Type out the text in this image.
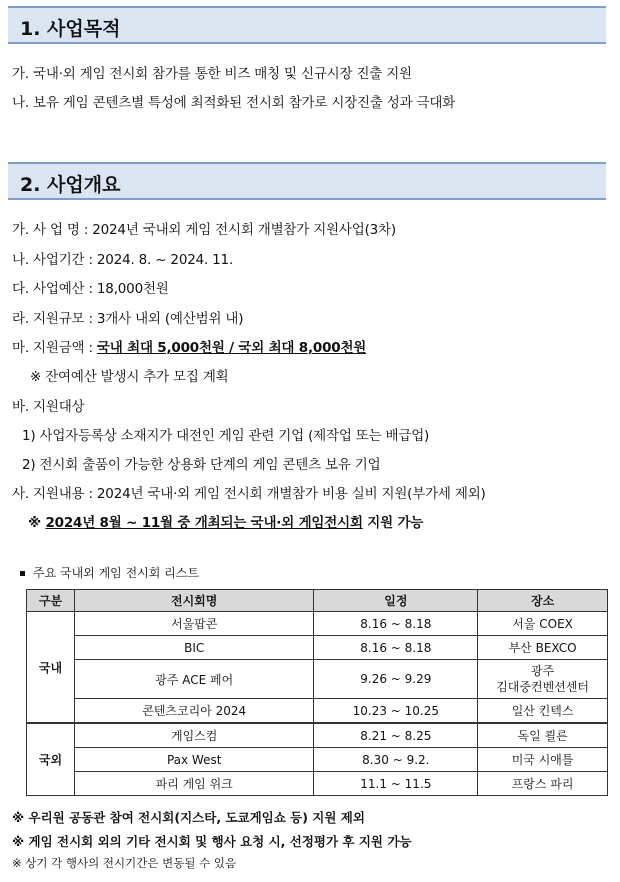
1. 사업목적
가. 국내·외 게임 전시회 참가를 통한 비즈 매칭 및 신규시장 진출 지원
나. 보유 게임 콘텐츠별 특성에 최적화된 전시회 참가로 시장진출 성과 극대화
2. 사업개요
가. 사 업 명 : 2024년 국내외 게임 전시회 개별참가 지원사업(3차)
나. 사업기간 : 2024. 8. ~ 2024. 11.
다. 사업예산 : 18,000천원
라. 지원규모 : 3개사 내외 (예산범위 내)
마. 지원금액 : 국내 최대 5,000천원 / 국외 최대 8,000천원
※ 잔여예산 발생시 추가 모집 계획
바. 지원대상
1) 사업자등록상 소재지가 대전인 게임 관련 기업 (제작업 또는 배급업)
2) 전시회 출품이 가능한 상용화 단계의 게임 콘텐츠 보유 기업
사. 지원내용 : 2024년 국내·외 게임 전시회 개별참가 비용 실비 지원(부가세 제외)
※ 2024년 8월 ~ 11월 중 개최되는 국내·외 게임전시회 지원 가능
주요 국내외 게임 전시회 리스트
구분	전시회명	일정	장소
국내	서울팝콘	8.16 ~ 8.18	서울 COEX
	BIC	8.16 ~ 8.18	부산 BEXCO
	광주 ACE 페어	9.26 ~ 9.29	광주
김대중컨벤션센터

	콘텐츠코리아 2024	10.23 ~ 10.25	일산 킨텍스
국외	게임스컴	8.21 ~ 8.25	독일 쾰른
	Pax West	8.30 ~ 9.2.	미국 시애틀
	파리 게임 위크	11.1 ~ 11.5	프랑스 파리
※ 우리원 공동관 참여 전시회(지스타, 도쿄게임쇼 등) 지원 제외
※ 게임 전시회 외의 기타 전시회 및 행사 요청 시, 선정평가 후 지원 가능
※ 상기 각 행사의 전시기간은 변동될 수 있음
